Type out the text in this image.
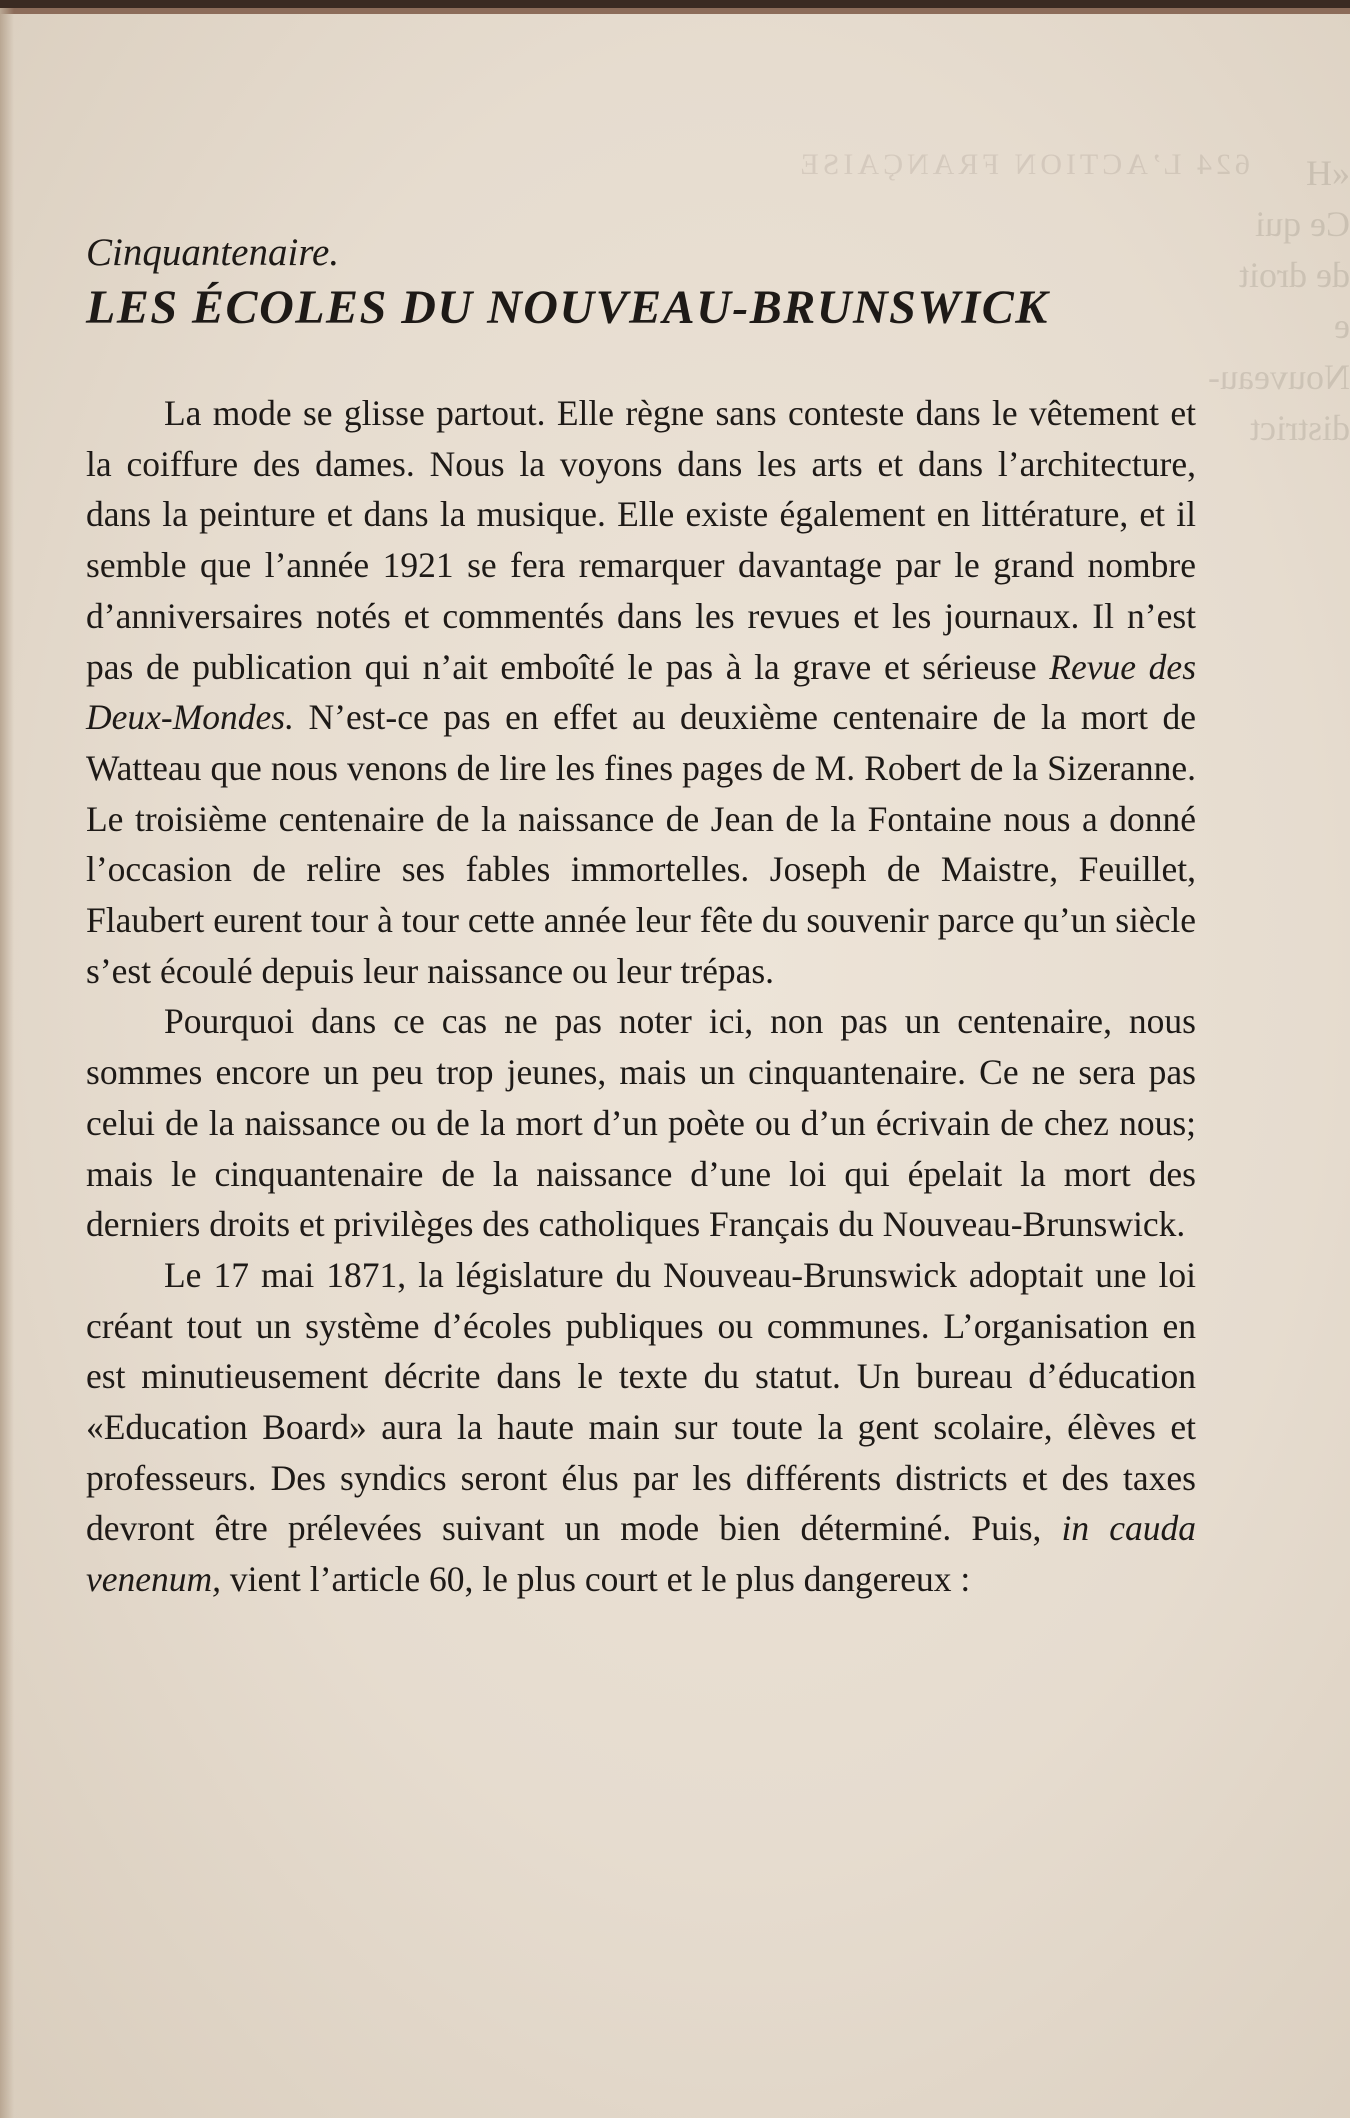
624 L’ACTION FRANÇAISE	«H
Ce qui
de droit
e
Nouveau-
district
Cinquantenaire.
LES ÉCOLES DU NOUVEAU-BRUNSWICK

La mode se glisse partout. Elle règne sans conteste dans le vêtement et la coiffure des dames. Nous la voyons dans les arts et dans l’architecture, dans la peinture et dans la musique. Elle existe également en littérature, et il semble que l’année 1921 se fera remarquer davantage par le grand nombre d’anniversaires notés et commentés dans les revues et les journaux. Il n’est pas de publication qui n’ait emboîté le pas à la grave et sérieuse Revue des Deux-Mondes. N’est-ce pas en effet au deuxième centenaire de la mort de Watteau que nous venons de lire les fines pages de M. Robert de la Sizeranne. Le troisième centenaire de la naissance de Jean de la Fontaine nous a donné l’occasion de relire ses fables immortelles. Joseph de Maistre, Feuillet, Flaubert eurent tour à tour cette année leur fête du souvenir parce qu’un siècle s’est écoulé depuis leur naissance ou leur trépas.

Pourquoi dans ce cas ne pas noter ici, non pas un centenaire, nous sommes encore un peu trop jeunes, mais un cinquantenaire. Ce ne sera pas celui de la naissance ou de la mort d’un poète ou d’un écrivain de chez nous; mais le cinquantenaire de la naissance d’une loi qui épelait la mort des derniers droits et privilèges des catholiques Français du Nouveau-Brunswick.

Le 17 mai 1871, la législature du Nouveau-Brunswick adoptait une loi créant tout un système d’écoles publiques ou communes. L’organisation en est minutieusement décrite dans le texte du statut. Un bureau d’éducation «Education Board» aura la haute main sur toute la gent scolaire, élèves et professeurs. Des syndics seront élus par les différents districts et des taxes devront être prélevées suivant un mode bien déterminé. Puis, in cauda venenum, vient l’article 60, le plus court et le plus dangereux :
